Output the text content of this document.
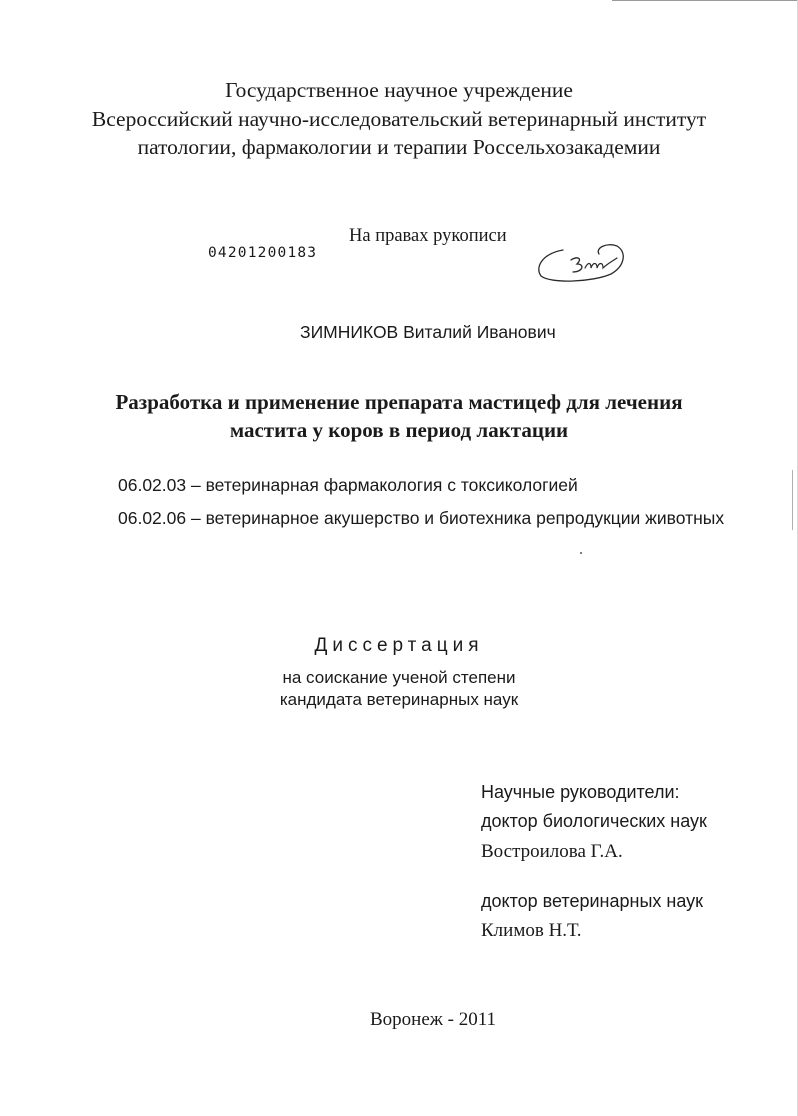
Государственное научное учреждение
Всероссийский научно-исследовательский ветеринарный институт
патологии, фармакологии и терапии Россельхозакадемии
На правах рукописи
04201200183
ЗИМНИКОВ Виталий Иванович
Разработка и применение препарата мастицеф для лечения
мастита у коров в период лактации
06.02.03 – ветеринарная фармакология с токсикологией
06.02.06 – ветеринарное акушерство и биотехника репродукции животных
Диссертация
на соискание ученой степени
кандидата ветеринарных наук
Научные руководители:
доктор биологических наук
Востроилова Г.А.
доктор ветеринарных наук
Климов Н.Т.
Воронеж - 2011
